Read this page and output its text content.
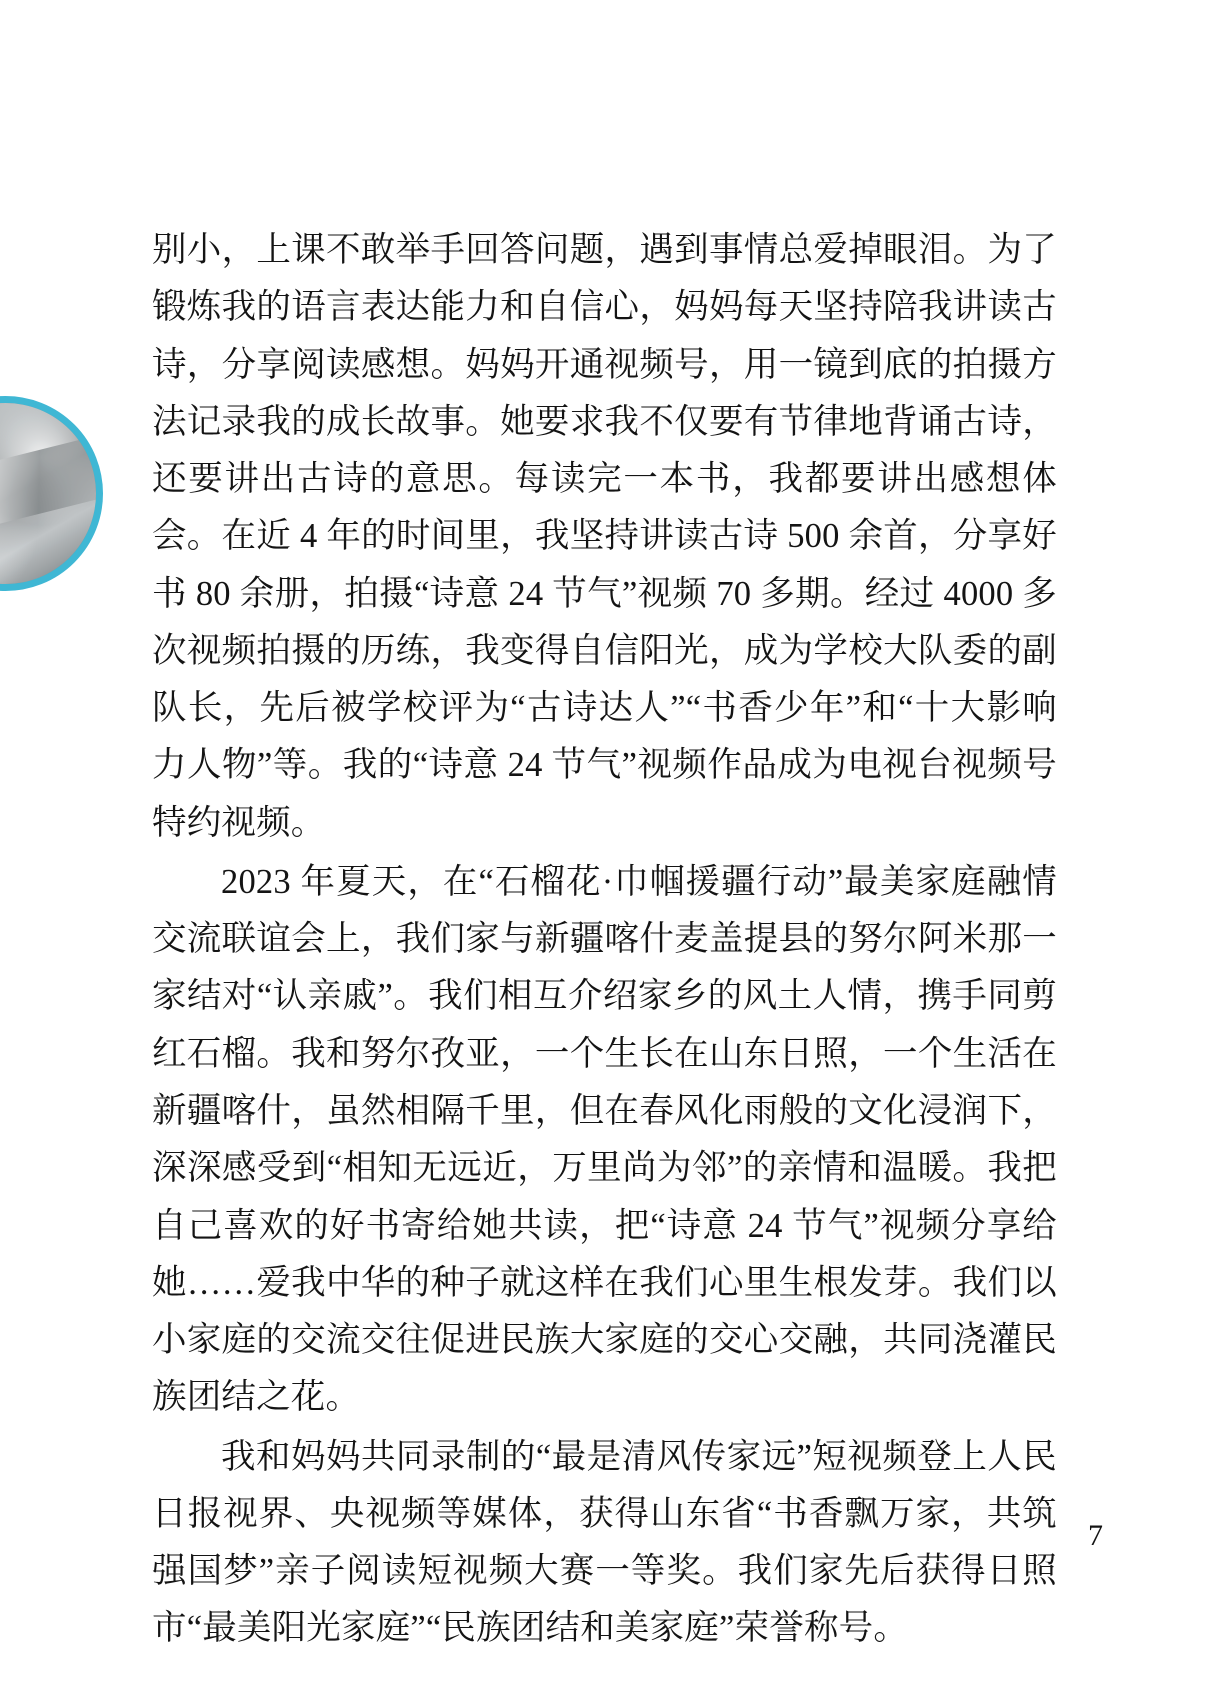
别小，上课不敢举手回答问题，遇到事情总爱掉眼泪。为了锻炼我的语言表达能力和自信心，妈妈每天坚持陪我讲读古诗，分享阅读感想。妈妈开通视频号，用一镜到底的拍摄方法记录我的成长故事。她要求我不仅要有节律地背诵古诗，还要讲出古诗的意思。每读完一本书，我都要讲出感想体会。在近 4 年的时间里，我坚持讲读古诗 500 余首，分享好书 80 余册，拍摄“诗意 24 节气”视频 70 多期。经过 4000 多次视频拍摄的历练，我变得自信阳光，成为学校大队委的副队长，先后被学校评为“古诗达人”“书香少年”和“十大影响力人物”等。我的“诗意 24 节气”视频作品成为电视台视频号特约视频。

2023 年夏天，在“石榴花·巾帼援疆行动”最美家庭融情交流联谊会上，我们家与新疆喀什麦盖提县的努尔阿米那一家结对“认亲戚”。我们相互介绍家乡的风土人情，携手同剪红石榴。我和努尔孜亚，一个生长在山东日照，一个生活在新疆喀什，虽然相隔千里，但在春风化雨般的文化浸润下，深深感受到“相知无远近，万里尚为邻”的亲情和温暖。我把自己喜欢的好书寄给她共读，把“诗意 24 节气”视频分享给她……爱我中华的种子就这样在我们心里生根发芽。我们以小家庭的交流交往促进民族大家庭的交心交融，共同浇灌民族团结之花。

我和妈妈共同录制的“最是清风传家远”短视频登上人民日报视界、央视频等媒体，获得山东省“书香飘万家，共筑强国梦”亲子阅读短视频大赛一等奖。我们家先后获得日照市“最美阳光家庭”“民族团结和美家庭”荣誉称号。

7
